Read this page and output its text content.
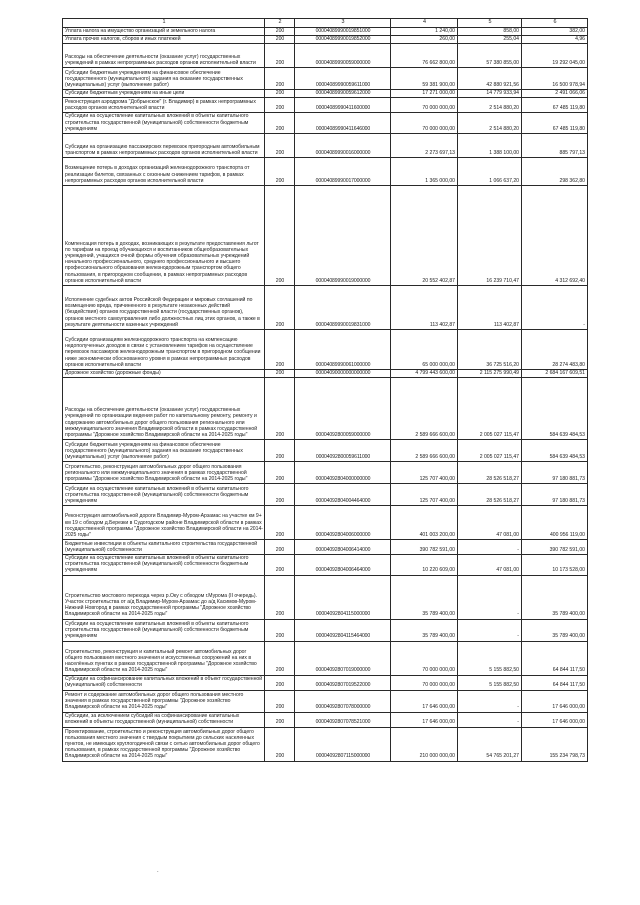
1	2	3	4	5	6
Уплата налога на имущество организаций и земельного налога	200	00004089990019851000	1 240,00	858,00	382,00
Уплата прочих налогов, сборов и иных платежей	200	00004089990019852000	260,00	255,04	4,96
Расходы на обеспечение деятельности (оказание услуг) государственных учреждений в рамках непрограммных расходов органов исполнительной власти	200	00004089990059000000	76 662 800,00	57 380 855,00	19 292 045,00
Субсидии бюджетным учреждениям на финансовое обеспечение государственного (муниципального) задания на оказание государственных (муниципальных) услуг (выполнение работ)	200	00004089990059611000	59 381 900,00	42 880 921,56	16 500 978,94
Субсидии бюджетным учреждениям на иные цели	200	00004089990059612000	17 271 000,00	14 779 933,94	2 491 066,06
Реконструкция аэродрома "Добрынское" (г. Владимир) в рамках непрограммных расходов органов исполнительной власти	200	00004089990411600000	70 000 000,00	2 514 880,20	67 485 119,80
Субсидии на осуществление капитальных вложений в объекты капитального строительства государственной (муниципальной) собственности бюджетным учреждениям	200	00004089990411646000	70 000 000,00	2 514 880,20	67 485 119,80
Субсидии на организацию пассажирских перевозок пригородным автомобильным транспортом в рамках непрограммных расходов органов исполнительной власти	200	00004089990016000000	2 273 697,13	1 388 100,00	885 797,13
Возмещение потерь в доходах организаций железнодорожного транспорта от реализации билетов, связанных с сезонным снижением тарифов, в рамках непрограммных расходов органов исполнительной власти	200	00004089990017000000	1 365 000,00	1 066 637,20	298 362,80
Компенсация потерь в доходах, возникающих в результате предоставления льгот по тарифам на проезд обучающихся и воспитанников общеобразовательных учреждений, учащихся очной формы обучения образовательных учреждений начального профессионального, среднего профессионального и высшего профессионального образования железнодорожным транспортом общего пользования, в пригородном сообщении, в рамках непрограммных расходов органов исполнительной власти	200	00004089990019000000	20 552 402,87	16 239 710,47	4 312 692,40
Исполнение судебных актов Российской Федерации и мировых соглашений по возмещению вреда, причиненного в результате незаконных действий (бездействия) органов государственной власти (государственных органов), органов местного самоуправления либо должностных лиц этих органов, а также в результате деятельности казенных учреждений	200	00004089990019831000	113 402,87	113 402,87	-
Субсидии организациям железнодорожного транспорта на компенсацию недополученных доходов в связи с установлением тарифов на осуществление перевозок пассажиров железнодорожным транспортом в пригородном сообщении ниже экономически обоснованного уровня в рамках непрограммных расходов органов исполнительной власти	200	00004089990061000000	65 000 000,00	36 725 516,20	28 274 483,80
Дорожное хозяйство (дорожные фонды)	200	00004090000000000000	4 799 443 600,00	2 115 275 990,49	2 684 167 609,51
Расходы на обеспечение деятельности (оказание услуг) государственных учреждений по организации ведения работ по капитальному ремонту, ремонту и содержанию автомобильных дорог общего пользования регионального или межмуниципального значения Владимирской области в рамках государственной программы "Дорожное хозяйство Владимирской области на 2014-2025 годы"	200	00004092800059000000	2 589 666 600,00	2 005 027 115,47	584 639 484,53
Субсидии бюджетным учреждениям на финансовое обеспечение государственного (муниципального) задания на оказание государственных (муниципальных) услуг (выполнение работ)	200	00004092800059611000	2 589 666 600,00	2 005 027 115,47	584 639 484,53
Строительство, реконструкция автомобильных дорог общего пользования регионального или межмуниципального значения в рамках государственной программы "Дорожное хозяйство Владимирской области на 2014-2025 годы"	200	00004092804000000000	125 707 400,00	28 526 518,27	97 180 881,73
Субсидии на осуществление капитальных вложений в объекты капитального строительства государственной (муниципальной) собственности бюджетным учреждениям	200	00004092804004464000	125 707 400,00	28 526 518,27	97 180 881,73
Реконструкция автомобильной дороги Владимир-Муром-Арзамас на участке км 9+ км 19 с обходом д.Березки в Судогодском районе Владимирской области в рамках государственной программы "Дорожное хозяйство Владимирской области на 2014-2025 годы"	200	00004092804006000000	401 003 200,00	47 081,00	400 956 119,00
Бюджетные инвестиции в объекты капитального строительства государственной (муниципальной) собственности	200	00004092804006414000	390 782 591,00	-	390 782 591,00
Субсидии на осуществление капитальных вложений в объекты капитального строительства государственной (муниципальной) собственности бюджетным учреждениям	200	00004092804006464000	10 220 609,00	47 081,00	10 173 528,00
Строительство мостового перехода через р.Оку с обходом г.Мурома (II очередь). Участок строительства от а/д Владимир-Муром-Арзамас до а/д Касимов-Муром-Нижний Новгород в рамках государственной программы "Дорожное хозяйство Владимирской области на 2014-2025 годы"	200	00004092804115000000	35 789 400,00	-	35 789 400,00
Субсидии на осуществление капитальных вложений в объекты капитального строительства государственной (муниципальной) собственности бюджетным учреждениям	200	00004092804115464000	35 789 400,00	-	35 789 400,00
Строительство, реконструкция и капитальный ремонт автомобильных дорог общего пользования местного значения и искусственных сооружений на них в населённых пунктах в рамках государственной программы "Дорожное хозяйство Владимирской области на 2014-2025 годы"	200	00004092807019000000	70 000 000,00	5 155 882,50	64 844 117,50
Субсидии на софинансирование капитальных вложений в объект государственной (муниципальной) собственности	200	00004092807019522000	70 000 000,00	5 155 882,50	64 844 117,50
Ремонт и содержание автомобильных дорог общего пользования местного значения в рамках государственной программы "Дорожное хозяйство Владимирской области на 2014-2025 годы"	200	00004092807078000000	17 646 000,00	-	17 646 000,00
Субсидии, за исключением субсидий на софинансирование капитальных вложений в объекты государственной (муниципальной) собственности	200	00004092807078521000	17 646 000,00	-	17 646 000,00
Проектирование, строительство и реконструкция автомобильных дорог общего пользования местного значения с твердым покрытием до сельских населенных пунктов, не имеющих круглогодичной связи с сетью автомобильных дорог общего пользования, в рамках государственной программы "Дорожное хозяйство Владимирской области на 2014-2025 годы"	200	00004092807115000000	210 000 000,00	54 765 201,27	155 234 798,73
.
